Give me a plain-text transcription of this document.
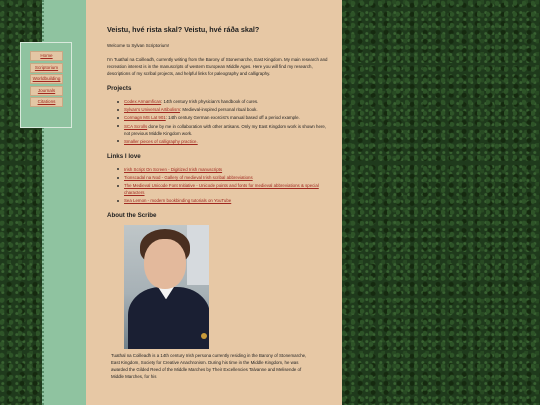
Home
Scriptorium
Worldbuilding
Journals
Citations
Veistu, hvé rista skal? Veistu, hvé ráða skal?

Welcome to Sylvan Scriptorium!

I'm Tuathal na Coilleadh, currently writing from the Barony of Stonemarche, East Kingdom. My main research and recreation interest is in the manuscripts of western European Middle Ages. Here you will find my research, descriptions of my scribal projects, and helpful links for paleography and calligraphy.

Projects
Codex Armamfican: 14th century Irish physician's handbook of cures.
Sylvan's Universal Artibolism: Medieval-inspired personal ritual book.
Cormagn MS Lat 901: 14th century German exorcist's manual based off a period example.
SCA Scrolls done by me in collaboration with other artisans. Only my East Kingdom work is shown here, not previous Middle Kingdom work.
Smaller pieces of calligraphy practice.
Links I love
Irish Script On Screen - Digitized Irish manuscripts
Tionscadal na Nod - Gallery of medieval Irish scribal abbreviations
The Medieval Unicode Font Initiative - Unicode points and fonts for medieval abbreviations & special characters
Sea Lemon - modern bookbinding tutorials on YouTube
About the Scribe

Tuathal na Coilleadh is a 14th century Irish persona currently residing in the Barony of Stonemarche, East Kingdom, Society for Creative Anachronism. During his time in the Middle Kingdom, he was awarded the Gilded Reed of the Middle Marches by Their Excellencies Talvanne and Melisende of Middle Marches, for his
